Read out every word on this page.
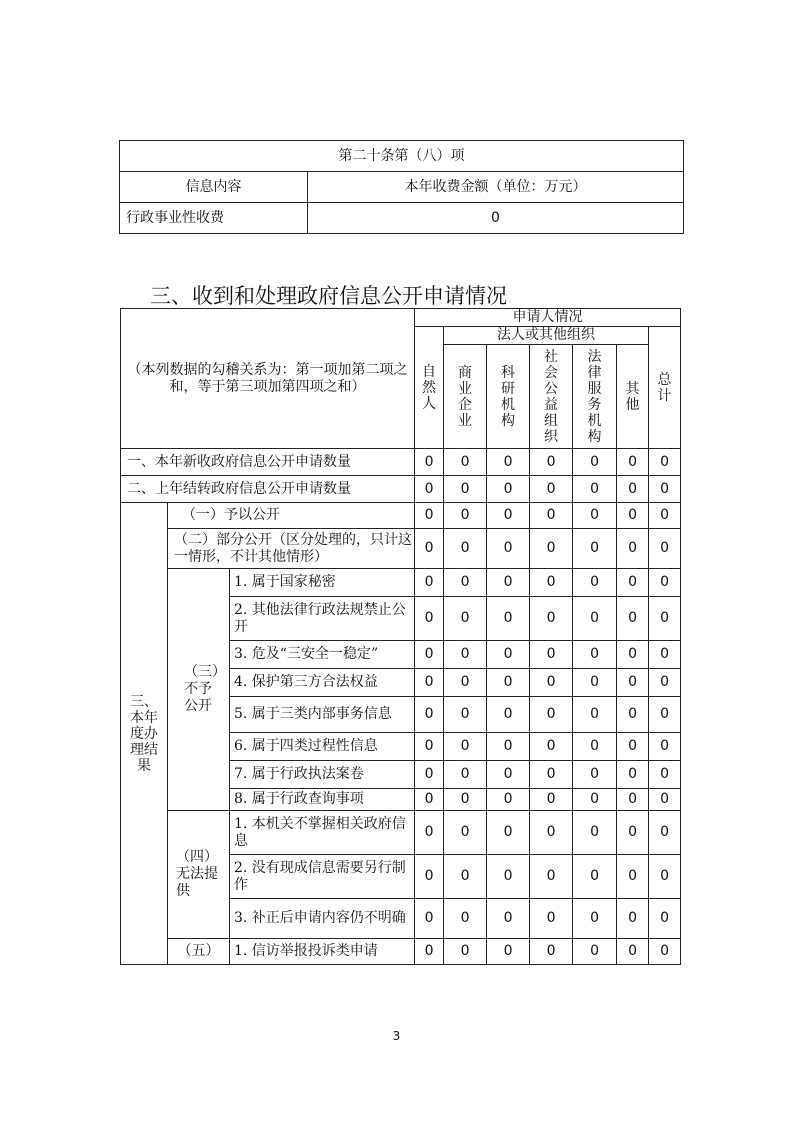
第二十条第（八）项	
信息内容	本年收费金额（单位：万元）
行政事业性收费	0
三、收到和处理政府信息公开申请情况
（本列数据的勾稽关系为：第一项加第二项之和，等于第三项加第四项之和）			申请人情况						
			自然人	法人或其他组织					总计
				商业企业	科研机构	社会公益组织	法律服务机构	其他	
一、本年新收政府信息公开申请数量			0	0	0	0	0	0	0
二、上年结转政府信息公开申请数量			0	0	0	0	0	0	0
三、本年度办理结果	（一）予以公开		0	0	0	0	0	0	0
	（二）部分公开（区分处理的，只计这一情形，不计其他情形）		0	0	0	0	0	0	0
	（三）不予公开	1. 属于国家秘密	0	0	0	0	0	0	0
		2. 其他法律行政法规禁止公开	0	0	0	0	0	0	0
		3. 危及“三安全一稳定”	0	0	0	0	0	0	0
		4. 保护第三方合法权益	0	0	0	0	0	0	0
		5. 属于三类内部事务信息	0	0	0	0	0	0	0
		6. 属于四类过程性信息	0	0	0	0	0	0	0
		7. 属于行政执法案卷	0	0	0	0	0	0	0
		8. 属于行政查询事项	0	0	0	0	0	0	0
	（四）无法提供	1. 本机关不掌握相关政府信息	0	0	0	0	0	0	0
		2. 没有现成信息需要另行制作	0	0	0	0	0	0	0
		3. 补正后申请内容仍不明确	0	0	0	0	0	0	0
	（五）	1. 信访举报投诉类申请	0	0	0	0	0	0	0
3
